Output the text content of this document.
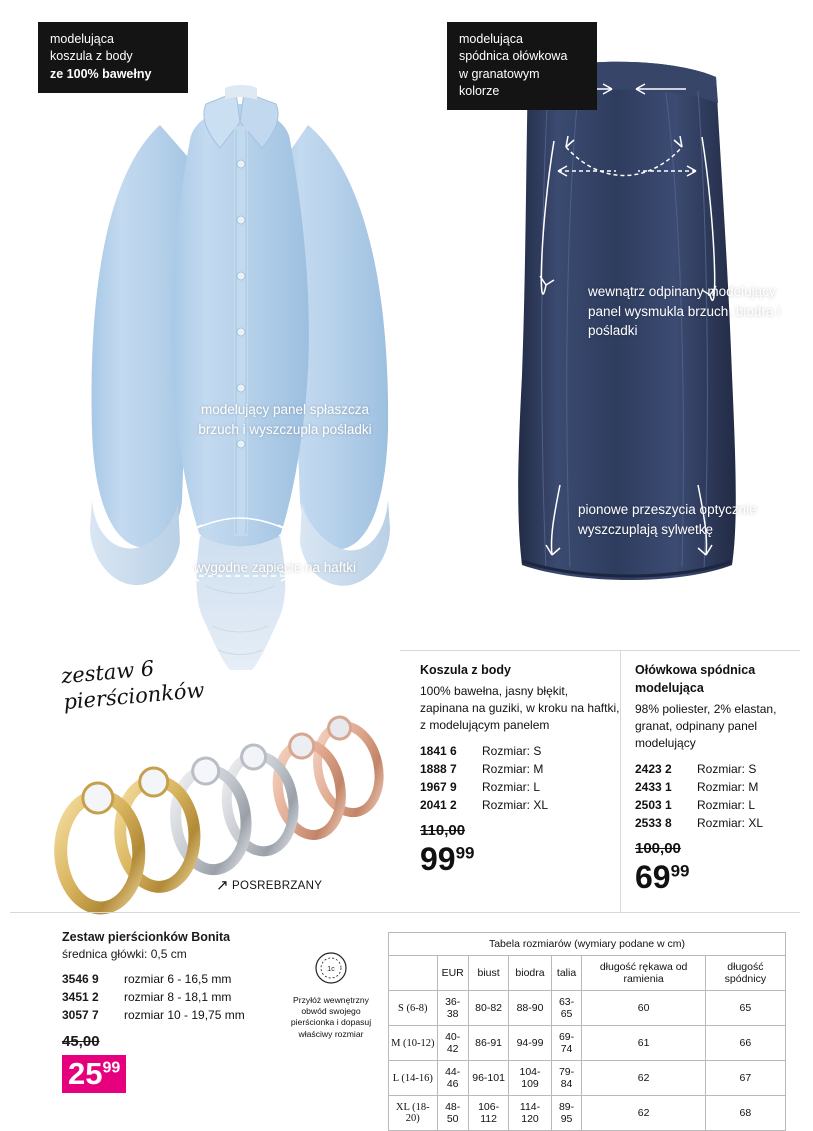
modelująca
koszula z body
ze 100% bawełny
modelująca
spódnica ołówkowa
w granatowym
kolorze
modelujący panel spłaszcza brzuch i wyszczupla pośladki
wygodne zapięcie na haftki
wewnątrz odpinany modelujący panel wysmukla brzuch, biodra i pośladki
pionowe przeszycia optycznie wyszczuplają sylwetkę
zestaw 6 pierścionków
↗ POSREBRZANY
Koszula z body
100% bawełna, jasny błękit, zapinana na guziki, w kroku na haftki, z modelującym panelem
1841 6	Rozmiar: S
1888 7	Rozmiar: M
1967 9	Rozmiar: L
2041 2	Rozmiar: XL
110,00
$99^{99}$
Ołówkowa spódnica modelująca
98% poliester, 2% elastan, granat, odpinany panel modelujący
2423 2	Rozmiar: S
2433 1	Rozmiar: M
2503 1	Rozmiar: L
2533 8	Rozmiar: XL
100,00
$69^{99}$
Zestaw pierścionków Bonita
średnica główki: 0,5 cm
3546 9	rozmiar 6 - 16,5 mm
3451 2	rozmiar 8 - 18,1 mm
3057 7	rozmiar 10 - 19,75 mm
45,00
$25^{99}$
1c
Przyłóż wewnętrzny obwód swojego pierścionka i dopasuj właściwy rozmiar
Tabela rozmiarów (wymiary podane w cm)						
	EUR	biust	biodra	talia	długość rękawa od ramienia	długość spódnicy
S (6-8)	36-38	80-82	88-90	63-65	60	65
M (10-12)	40-42	86-91	94-99	69-74	61	66
L (14-16)	44-46	96-101	104-109	79-84	62	67
XL (18-20)	48-50	106-112	114-120	89-95	62	68
